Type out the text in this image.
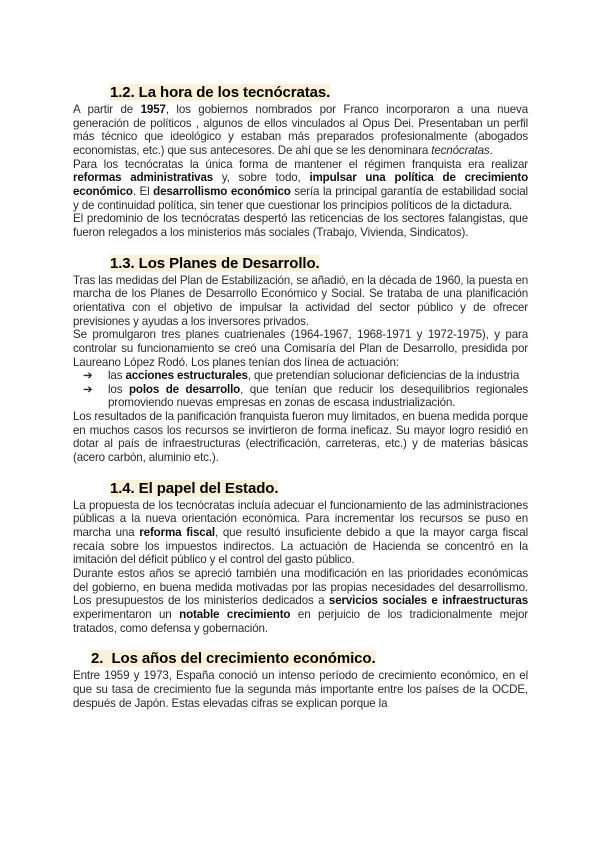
1.2. La hora de los tecnócratas.

A partir de 1957, los gobiernos nombrados por Franco incorporaron a una nueva generación de políticos , algunos de ellos vinculados al Opus Dei. Presentaban un perfil más técnico que ideológico y estaban más preparados profesionalmente (abogados economistas, etc.) que sus antecesores. De ahí que se les denominara tecnócratas.

Para los tecnócratas la única forma de mantener el régimen franquista era realizar reformas administrativas y, sobre todo, impulsar una política de crecimiento económico. El desarrollismo económico sería la principal garantía de estabilidad social y de continuidad política, sin tener que cuestionar los principios políticos de la dictadura.

El predominio de los tecnócratas despertó las reticencias de los sectores falangistas, que fueron relegados a los ministerios más sociales (Trabajo, Vivienda, Sindicatos).

1.3. Los Planes de Desarrollo.

Tras las medidas del Plan de Estabilización, se añadió, en la década de 1960, la puesta en marcha de los Planes de Desarrollo Económico y Social. Se trataba de una planificación orientativa con el objetivo de impulsar la actividad del sector público y de ofrecer previsiones y ayudas a los inversores privados.

Se promulgaron tres planes cuatrienales (1964-1967, 1968-1971 y 1972-1975), y para controlar su funcionamiento se creó una Comisaría del Plan de Desarrollo, presidida por Laureano López Rodó. Los planes tenían dos línea de actuación:

➔ las acciones estructurales, que pretendían solucionar deficiencias de la industria
➔ los polos de desarrollo, que tenían que reducir los desequilibrios regionales promoviendo nuevas empresas en zonas de escasa industrialización.

Los resultados de la panificación franquista fueron muy limitados, en buena medida porque en muchos casos los recursos se invirtieron de forma ineficaz. Su mayor logro residió en dotar al país de infraestructuras (electrificación, carreteras, etc.) y de materias básicas (acero carbón, aluminio etc.).

1.4. El papel del Estado.

La propuesta de los tecnócratas incluía adecuar el funcionamiento de las administraciones públicas a la nueva orientación económica. Para incrementar los recursos se puso en marcha una reforma fiscal, que resultó insuficiente debido a que la mayor carga fiscal recaía sobre los impuestos indirectos. La actuación de Hacienda se concentró en la imitación del déficit público y el control del gasto público.

Durante estos años se apreció también una modificación en las prioridades económicas del gobierno, en buena medida motivadas por las propias necesidades del desarrollismo. Los presupuestos de los ministerios dedicados a servicios sociales e infraestructuras experimentaron un notable crecimiento en perjuicio de los tradicionalmente mejor tratados, como defensa y gobernación.

2.  Los años del crecimiento económico.

Entre 1959 y 1973, España conoció un intenso período de crecimiento económico, en el que su tasa de crecimiento fue la segunda más importante entre los países de la OCDE, después de Japón. Estas elevadas cifras se explican porque la
